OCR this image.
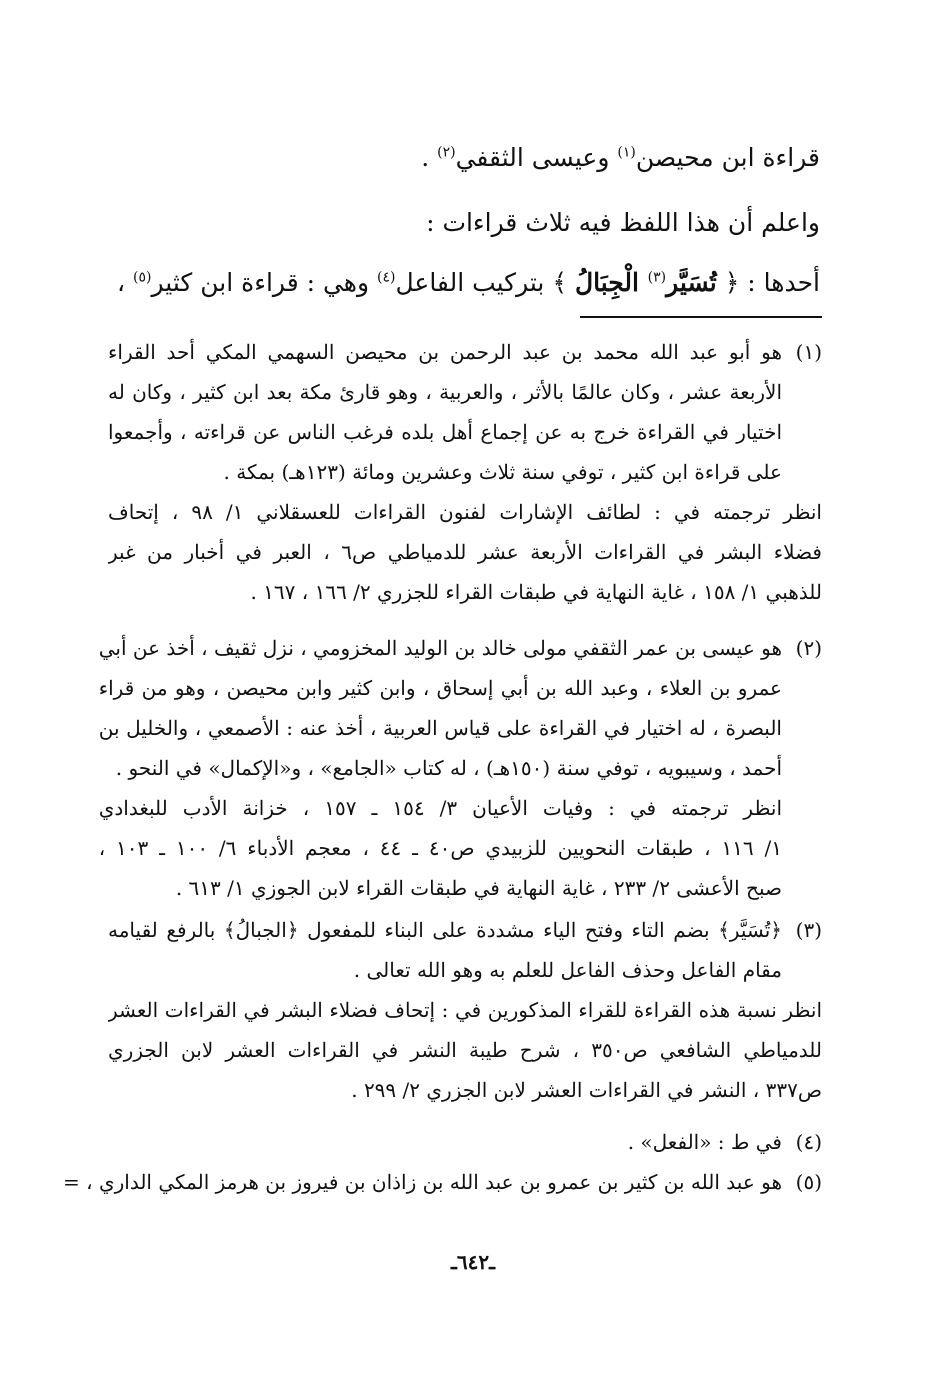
قراءة ابن محيصن$^{(١)}$ وعيسى الثقفي$^{(٢)}$ .
واعلم أن هذا اللفظ فيه ثلاث قراءات :
أحدها : ﴿ تُسَيَّر$^{(٣)}$ الْجِبَالُ ﴾ بتركيب الفاعل$^{(٤)}$ وهي : قراءة ابن كثير$^{(٥)}$ ،
(١)
هو أبو عبد الله محمد بن عبد الرحمن بن محيصن السهمي المكي أحد القراء
الأربعة عشر ، وكان عالمًا بالأثر ، والعربية ، وهو قارئ مكة بعد ابن كثير ، وكان له
اختيار في القراءة خرج به عن إجماع أهل بلده فرغب الناس عن قراءته ، وأجمعوا
على قراءة ابن كثير ، توفي سنة ثلاث وعشرين ومائة (١٢٣هـ) بمكة .
انظر ترجمته في : لطائف الإشارات لفنون القراءات للعسقلاني ١/ ٩٨ ، إتحاف
فضلاء البشر في القراءات الأربعة عشر للدمياطي ص٦ ، العبر في أخبار من غبر
للذهبي ١/ ١٥٨ ، غاية النهاية في طبقات القراء للجزري ٢/ ١٦٦ ، ١٦٧ .
(٢)
هو عيسى بن عمر الثقفي مولى خالد بن الوليد المخزومي ، نزل ثقيف ، أخذ عن أبي
عمرو بن العلاء ، وعبد الله بن أبي إسحاق ، وابن كثير وابن محيصن ، وهو من قراء
البصرة ، له اختيار في القراءة على قياس العربية ، أخذ عنه : الأصمعي ، والخليل بن
أحمد ، وسيبويه ، توفي سنة (١٥٠هـ) ، له كتاب «الجامع» ، و«الإكمال» في النحو .
انظر ترجمته في : وفيات الأعيان ٣/ ١٥٤ ـ ١٥٧ ، خزانة الأدب للبغدادي
١/ ١١٦ ، طبقات النحويين للزبيدي ص٤٠ ـ ٤٤ ، معجم الأدباء ٦/ ١٠٠ ـ ١٠٣ ،
صبح الأعشى ٢/ ٢٣٣ ، غاية النهاية في طبقات القراء لابن الجوزي ١/ ٦١٣ .
(٣)
﴿تُسَيَّر﴾ بضم التاء وفتح الياء مشددة على البناء للمفعول ﴿الجبالُ﴾ بالرفع لقيامه
مقام الفاعل وحذف الفاعل للعلم به وهو الله تعالى .
انظر نسبة هذه القراءة للقراء المذكورين في : إتحاف فضلاء البشر في القراءات العشر
للدمياطي الشافعي ص٣٥٠ ، شرح طيبة النشر في القراءات العشر لابن الجزري
ص٣٣٧ ، النشر في القراءات العشر لابن الجزري ٢/ ٢٩٩ .
(٤)
في ط : «الفعل» .
(٥)
هو عبد الله بن كثير بن عمرو بن عبد الله بن زاذان بن فيروز بن هرمز المكي الداري ، =
ـ٦٤٢ـ
